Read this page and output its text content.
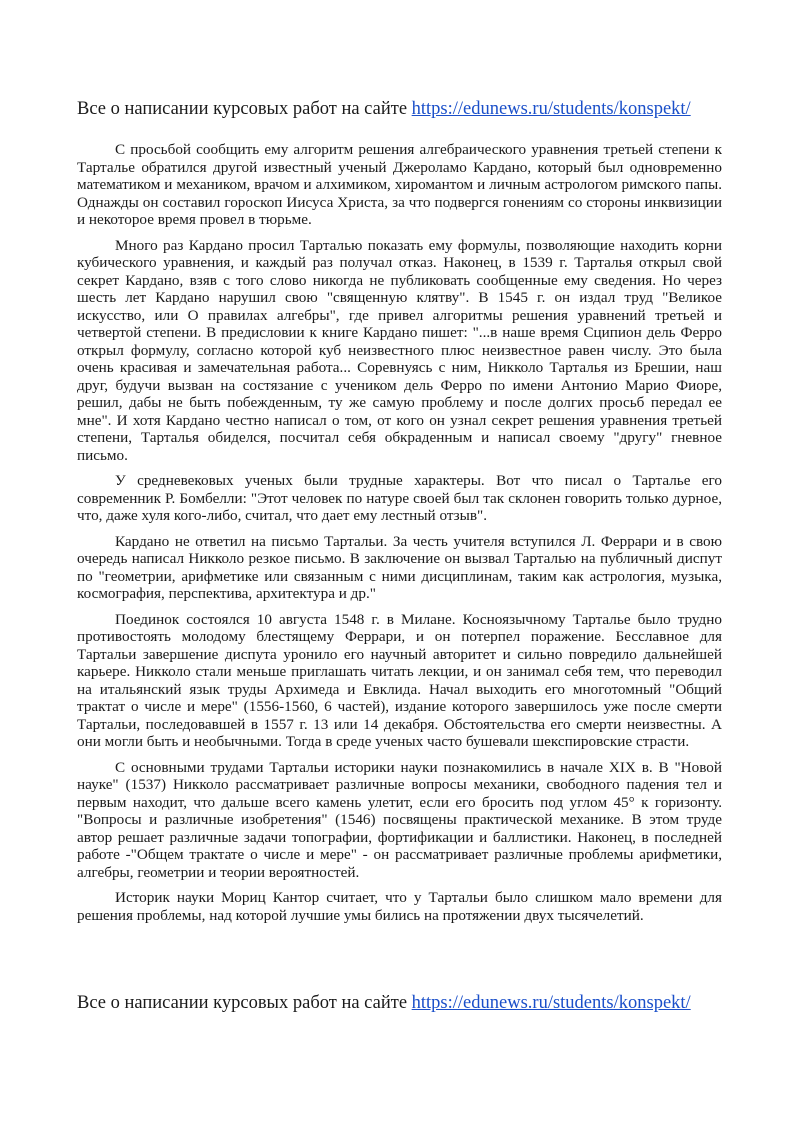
Все о написании курсовых работ на сайте https://edunews.ru/students/konspekt/

С просьбой сообщить ему алгоритм решения алгебраического уравнения третьей степени к Тарталье обратился другой известный ученый Джероламо Кардано, который был одновременно математиком и механиком, врачом и алхимиком, хиромантом и личным астрологом римского папы. Однажды он составил гороскоп Иисуса Христа, за что подвергся гонениям со стороны инквизиции и некоторое время провел в тюрьме.

Много раз Кардано просил Тарталью показать ему формулы, позволяющие находить корни кубического уравнения, и каждый раз получал отказ. Наконец, в 1539 г. Тарталья открыл свой секрет Кардано, взяв с того слово никогда не публиковать сообщенные ему сведения. Но через шесть лет Кардано нарушил свою "священную клятву". В 1545 г. он издал труд "Великое искусство, или О правилах алгебры", где привел алгоритмы решения уравнений третьей и четвертой степени. В предисловии к книге Кардано пишет: "...в наше время Сципион дель Ферро открыл формулу, согласно которой куб неизвестного плюс неизвестное равен числу. Это была очень красивая и замечательная работа... Соревнуясь с ним, Никколо Тарталья из Брешии, наш друг, будучи вызван на состязание с учеником дель Ферро по имени Антонио Марио Фиоре, решил, дабы не быть побежденным, ту же самую проблему и после долгих просьб передал ее мне". И хотя Кардано честно написал о том, от кого он узнал секрет решения уравнения третьей степени, Тарталья обиделся, посчитал себя обкраденным и написал своему "другу" гневное письмо.

У средневековых ученых были трудные характеры. Вот что писал о Тарталье его современник Р. Бомбелли: "Этот человек по натуре своей был так склонен говорить только дурное, что, даже хуля кого-либо, считал, что дает ему лестный отзыв".

Кардано не ответил на письмо Тартальи. За честь учителя вступился Л. Феррари и в свою очередь написал Никколо резкое письмо. В заключение он вызвал Тарталью на публичный диспут по "геометрии, арифметике или связанным с ними дисциплинам, таким как астрология, музыка, космография, перспектива, архитектура и др."

Поединок состоялся 10 августа 1548 г. в Милане. Косноязычному Тарталье было трудно противостоять молодому блестящему Феррари, и он потерпел поражение. Бесславное для Тартальи завершение диспута уронило его научный авторитет и сильно повредило дальнейшей карьере. Никколо стали меньше приглашать читать лекции, и он занимал себя тем, что переводил на итальянский язык труды Архимеда и Евклида. Начал выходить его многотомный "Общий трактат о числе и мере" (1556-1560, 6 частей), издание которого завершилось уже после смерти Тартальи, последовавшей в 1557 г. 13 или 14 декабря. Обстоятельства его смерти неизвестны. А они могли быть и необычными. Тогда в среде ученых часто бушевали шекспировские страсти.

С основными трудами Тартальи историки науки познакомились в начале XIX в. В "Новой науке" (1537) Никколо рассматривает различные вопросы механики, свободного падения тел и первым находит, что дальше всего камень улетит, если его бросить под углом 45° к горизонту. "Вопросы и различные изобретения" (1546) посвящены практической механике. В этом труде автор решает различные задачи топографии, фортификации и баллистики. Наконец, в последней работе -"Общем трактате о числе и мере" - он рассматривает различные проблемы арифметики, алгебры, геометрии и теории вероятностей.

Историк науки Мориц Кантор считает, что у Тартальи было слишком мало времени для решения проблемы, над которой лучшие умы бились на протяжении двух тысячелетий.

Все о написании курсовых работ на сайте https://edunews.ru/students/konspekt/
